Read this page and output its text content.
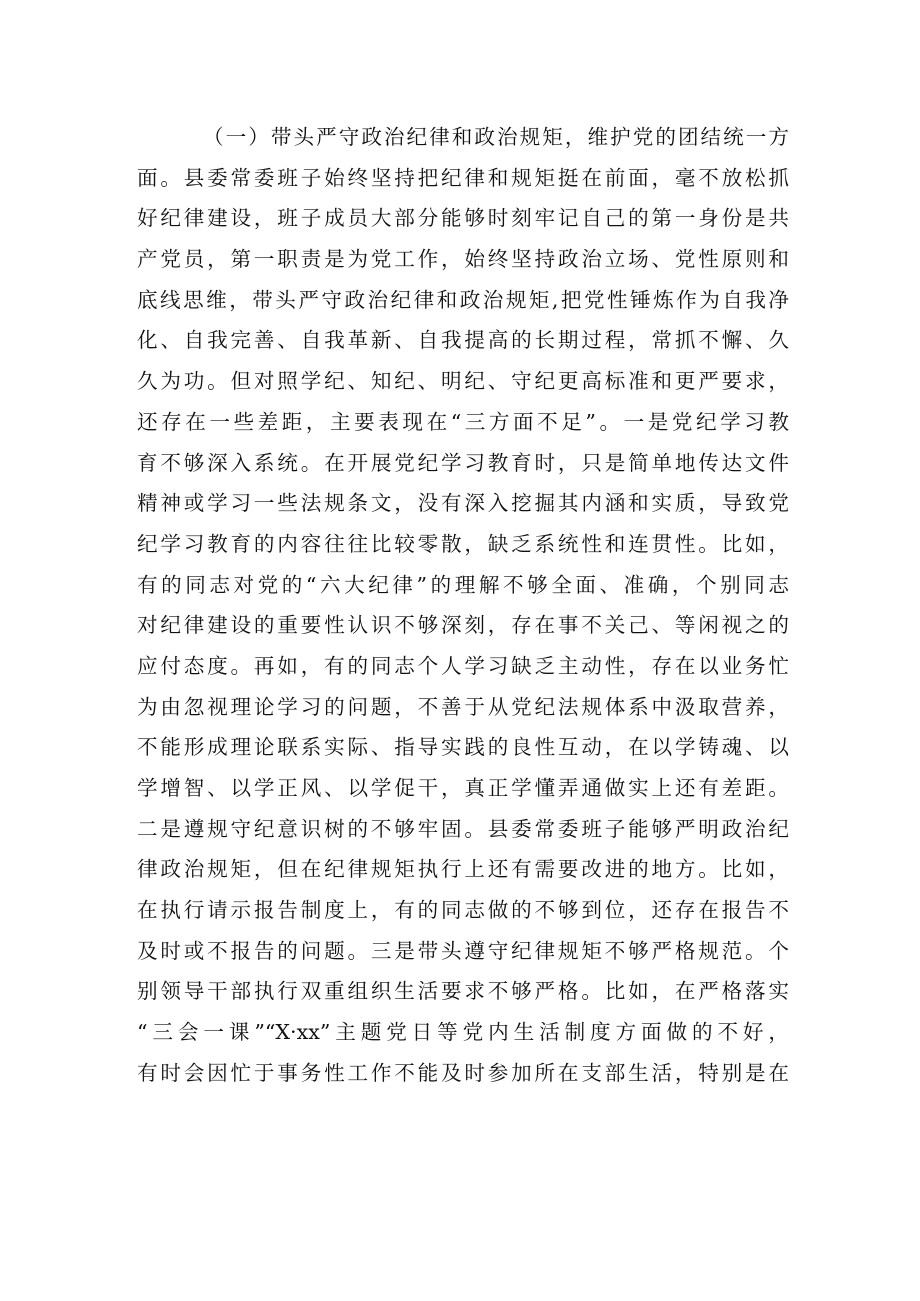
（一）带头严守政治纪律和政治规矩，维护党的团结统一方
面。县委常委班子始终坚持把纪律和规矩挺在前面，毫不放松抓
好纪律建设，班子成员大部分能够时刻牢记自己的第一身份是共
产党员，第一职责是为党工作，始终坚持政治立场、党性原则和
底线思维，带头严守政治纪律和政治规矩,把党性锤炼作为自我净
化、自我完善、自我革新、自我提高的长期过程，常抓不懈、久
久为功。但对照学纪、知纪、明纪、守纪更高标准和更严要求，
还存在一些差距，主要表现在“三方面不足”。一是党纪学习教
育不够深入系统。在开展党纪学习教育时，只是简单地传达文件
精神或学习一些法规条文，没有深入挖掘其内涵和实质，导致党
纪学习教育的内容往往比较零散，缺乏系统性和连贯性。比如，
有的同志对党的“六大纪律”的理解不够全面、准确，个别同志
对纪律建设的重要性认识不够深刻，存在事不关己、等闲视之的
应付态度。再如，有的同志个人学习缺乏主动性，存在以业务忙
为由忽视理论学习的问题，不善于从党纪法规体系中汲取营养，
不能形成理论联系实际、指导实践的良性互动，在以学铸魂、以
学增智、以学正风、以学促干，真正学懂弄通做实上还有差距。
二是遵规守纪意识树的不够牢固。县委常委班子能够严明政治纪
律政治规矩，但在纪律规矩执行上还有需要改进的地方。比如，
在执行请示报告制度上，有的同志做的不够到位，还存在报告不
及时或不报告的问题。三是带头遵守纪律规矩不够严格规范。个
别领导干部执行双重组织生活要求不够严格。比如，在严格落实
“三会一课”“X·xx”主题党日等党内生活制度方面做的不好，
有时会因忙于事务性工作不能及时参加所在支部生活，特别是在
